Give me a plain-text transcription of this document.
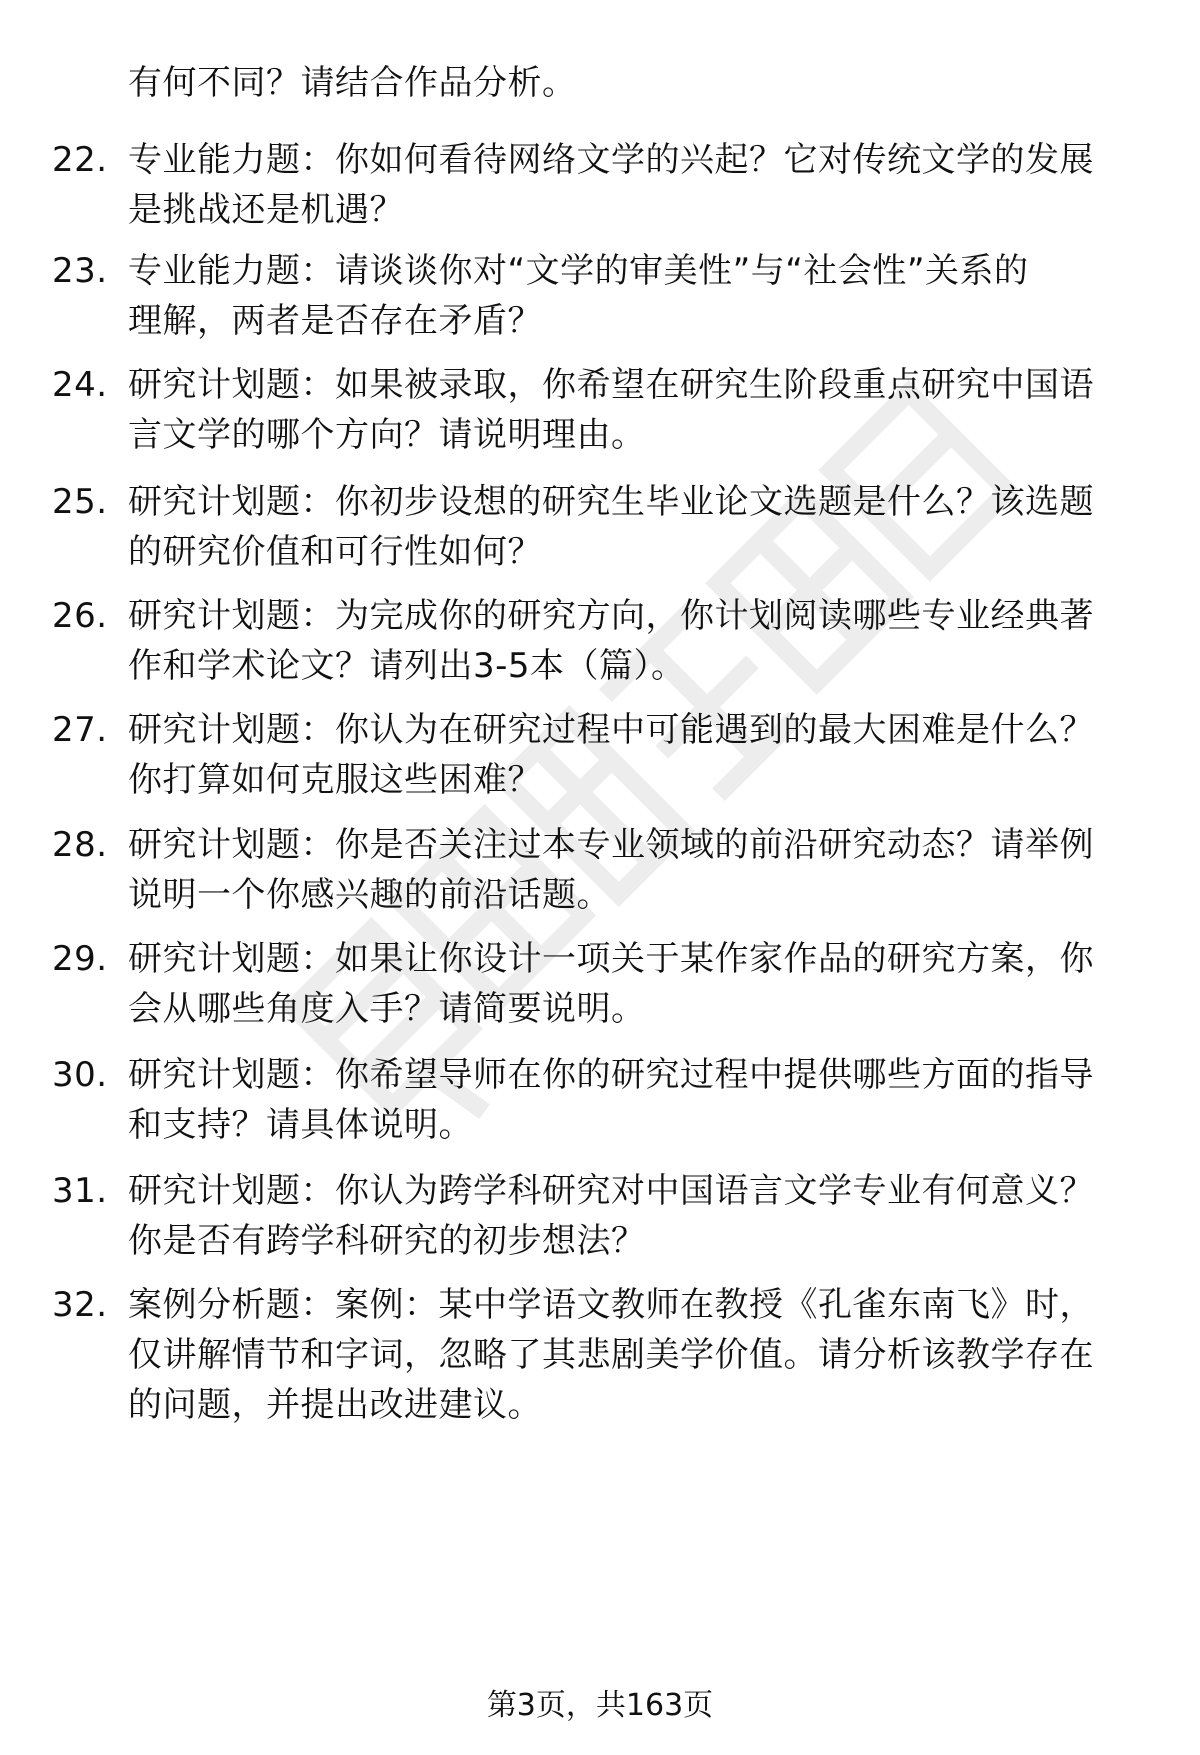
有何不同？请结合作品分析。
22. 专业能力题：你如何看待网络文学的兴起？它对传统文学的发展
是挑战还是机遇？
23. 专业能力题：请谈谈你对“文学的审美性”与“社会性”关系的
理解，两者是否存在矛盾？
24. 研究计划题：如果被录取，你希望在研究生阶段重点研究中国语
言文学的哪个方向？请说明理由。
25. 研究计划题：你初步设想的研究生毕业论文选题是什么？该选题
的研究价值和可行性如何？
26. 研究计划题：为完成你的研究方向，你计划阅读哪些专业经典著
作和学术论文？请列出3-5本（篇）。
27. 研究计划题：你认为在研究过程中可能遇到的最大困难是什么？
你打算如何克服这些困难？
28. 研究计划题：你是否关注过本专业领域的前沿研究动态？请举例
说明一个你感兴趣的前沿话题。
29. 研究计划题：如果让你设计一项关于某作家作品的研究方案，你
会从哪些角度入手？请简要说明。
30. 研究计划题：你希望导师在你的研究过程中提供哪些方面的指导
和支持？请具体说明。
31. 研究计划题：你认为跨学科研究对中国语言文学专业有何意义？
你是否有跨学科研究的初步想法？
32. 案例分析题：案例：某中学语文教师在教授《孔雀东南飞》时，
仅讲解情节和字词，忽略了其悲剧美学价值。请分析该教学存在
的问题，并提出改进建议。
第3页，共163页
